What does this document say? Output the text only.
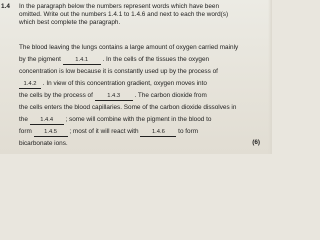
1.4 In the paragraph below the numbers represent words which have been
omitted. Write out the numbers 1.4.1 to 1.4.6 and next to each the word(s)
which best complete the paragraph.
The blood leaving the lungs contains a large amount of oxygen carried mainly
by the pigment 1.4.1 . In the cells of the tissues the oxygen
concentration is low because it is constantly used up by the process of
1.4.2 . In view of this concentration gradient, oxygen moves into
the cells by the process of 1.4.3 . The carbon dioxide from
the cells enters the blood capillaries. Some of the carbon dioxide dissolves in
the 1.4.4 ; some will combine with the pigment in the blood to
form 1.4.5 ; most of it will react with 1.4.6 to form
bicarbonate ions.	(6)
